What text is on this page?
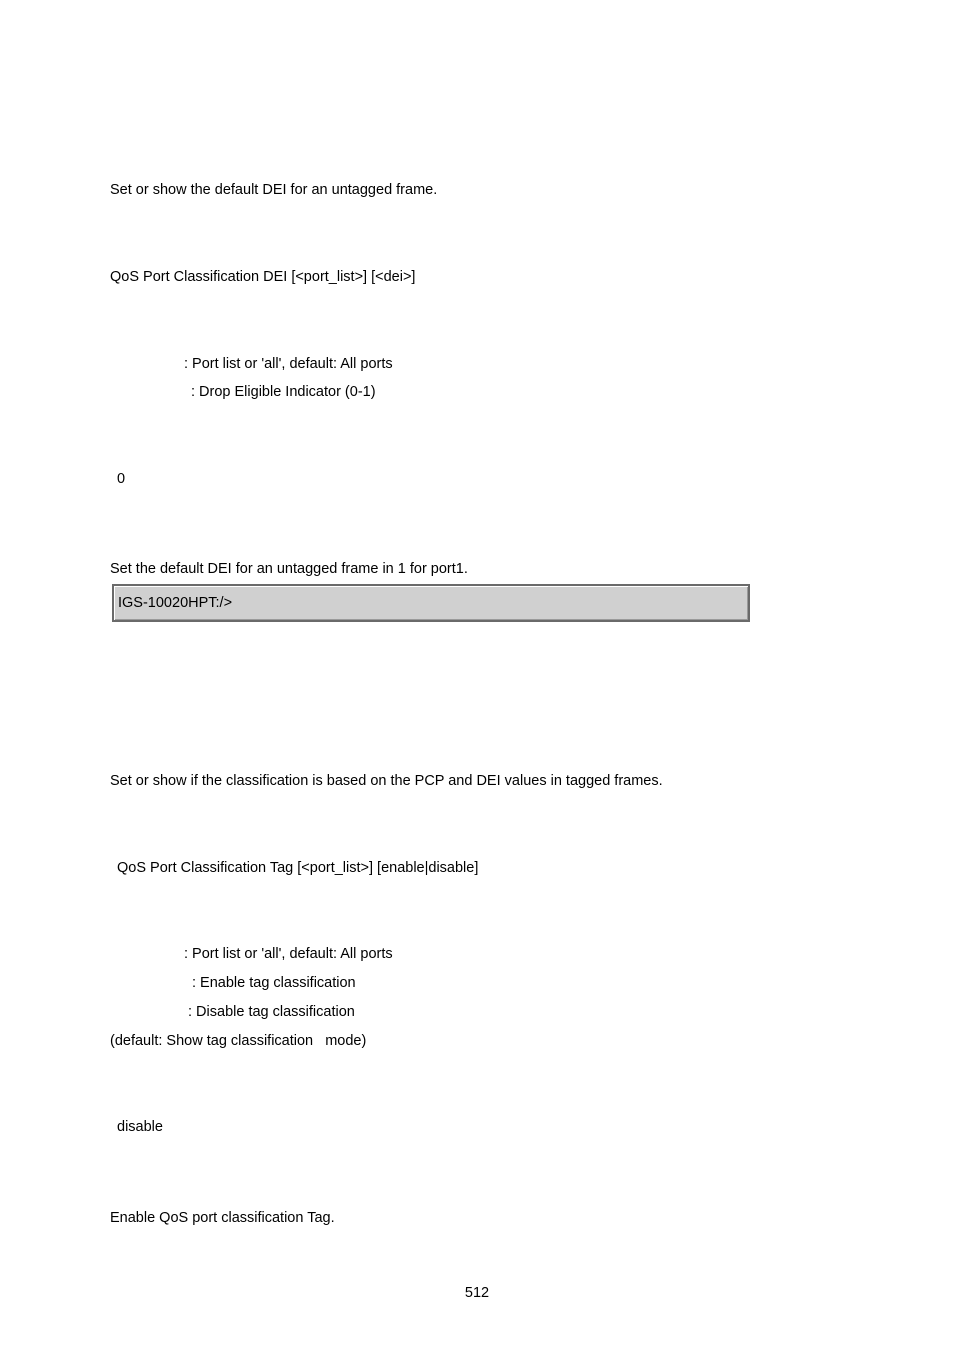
Set or show the default DEI for an untagged frame.
QoS Port Classification DEI [<port_list>] [<dei>]
: Port list or 'all', default: All ports
: Drop Eligible Indicator (0-1)
0
Set the default DEI for an untagged frame in 1 for port1.
IGS-10020HPT:/>
Set or show if the classification is based on the PCP and DEI values in tagged frames.
QoS Port Classification Tag [<port_list>] [enable|disable]
: Port list or 'all', default: All ports
: Enable tag classification
: Disable tag classification
(default: Show tag classification   mode)
disable
Enable QoS port classification Tag.
512
